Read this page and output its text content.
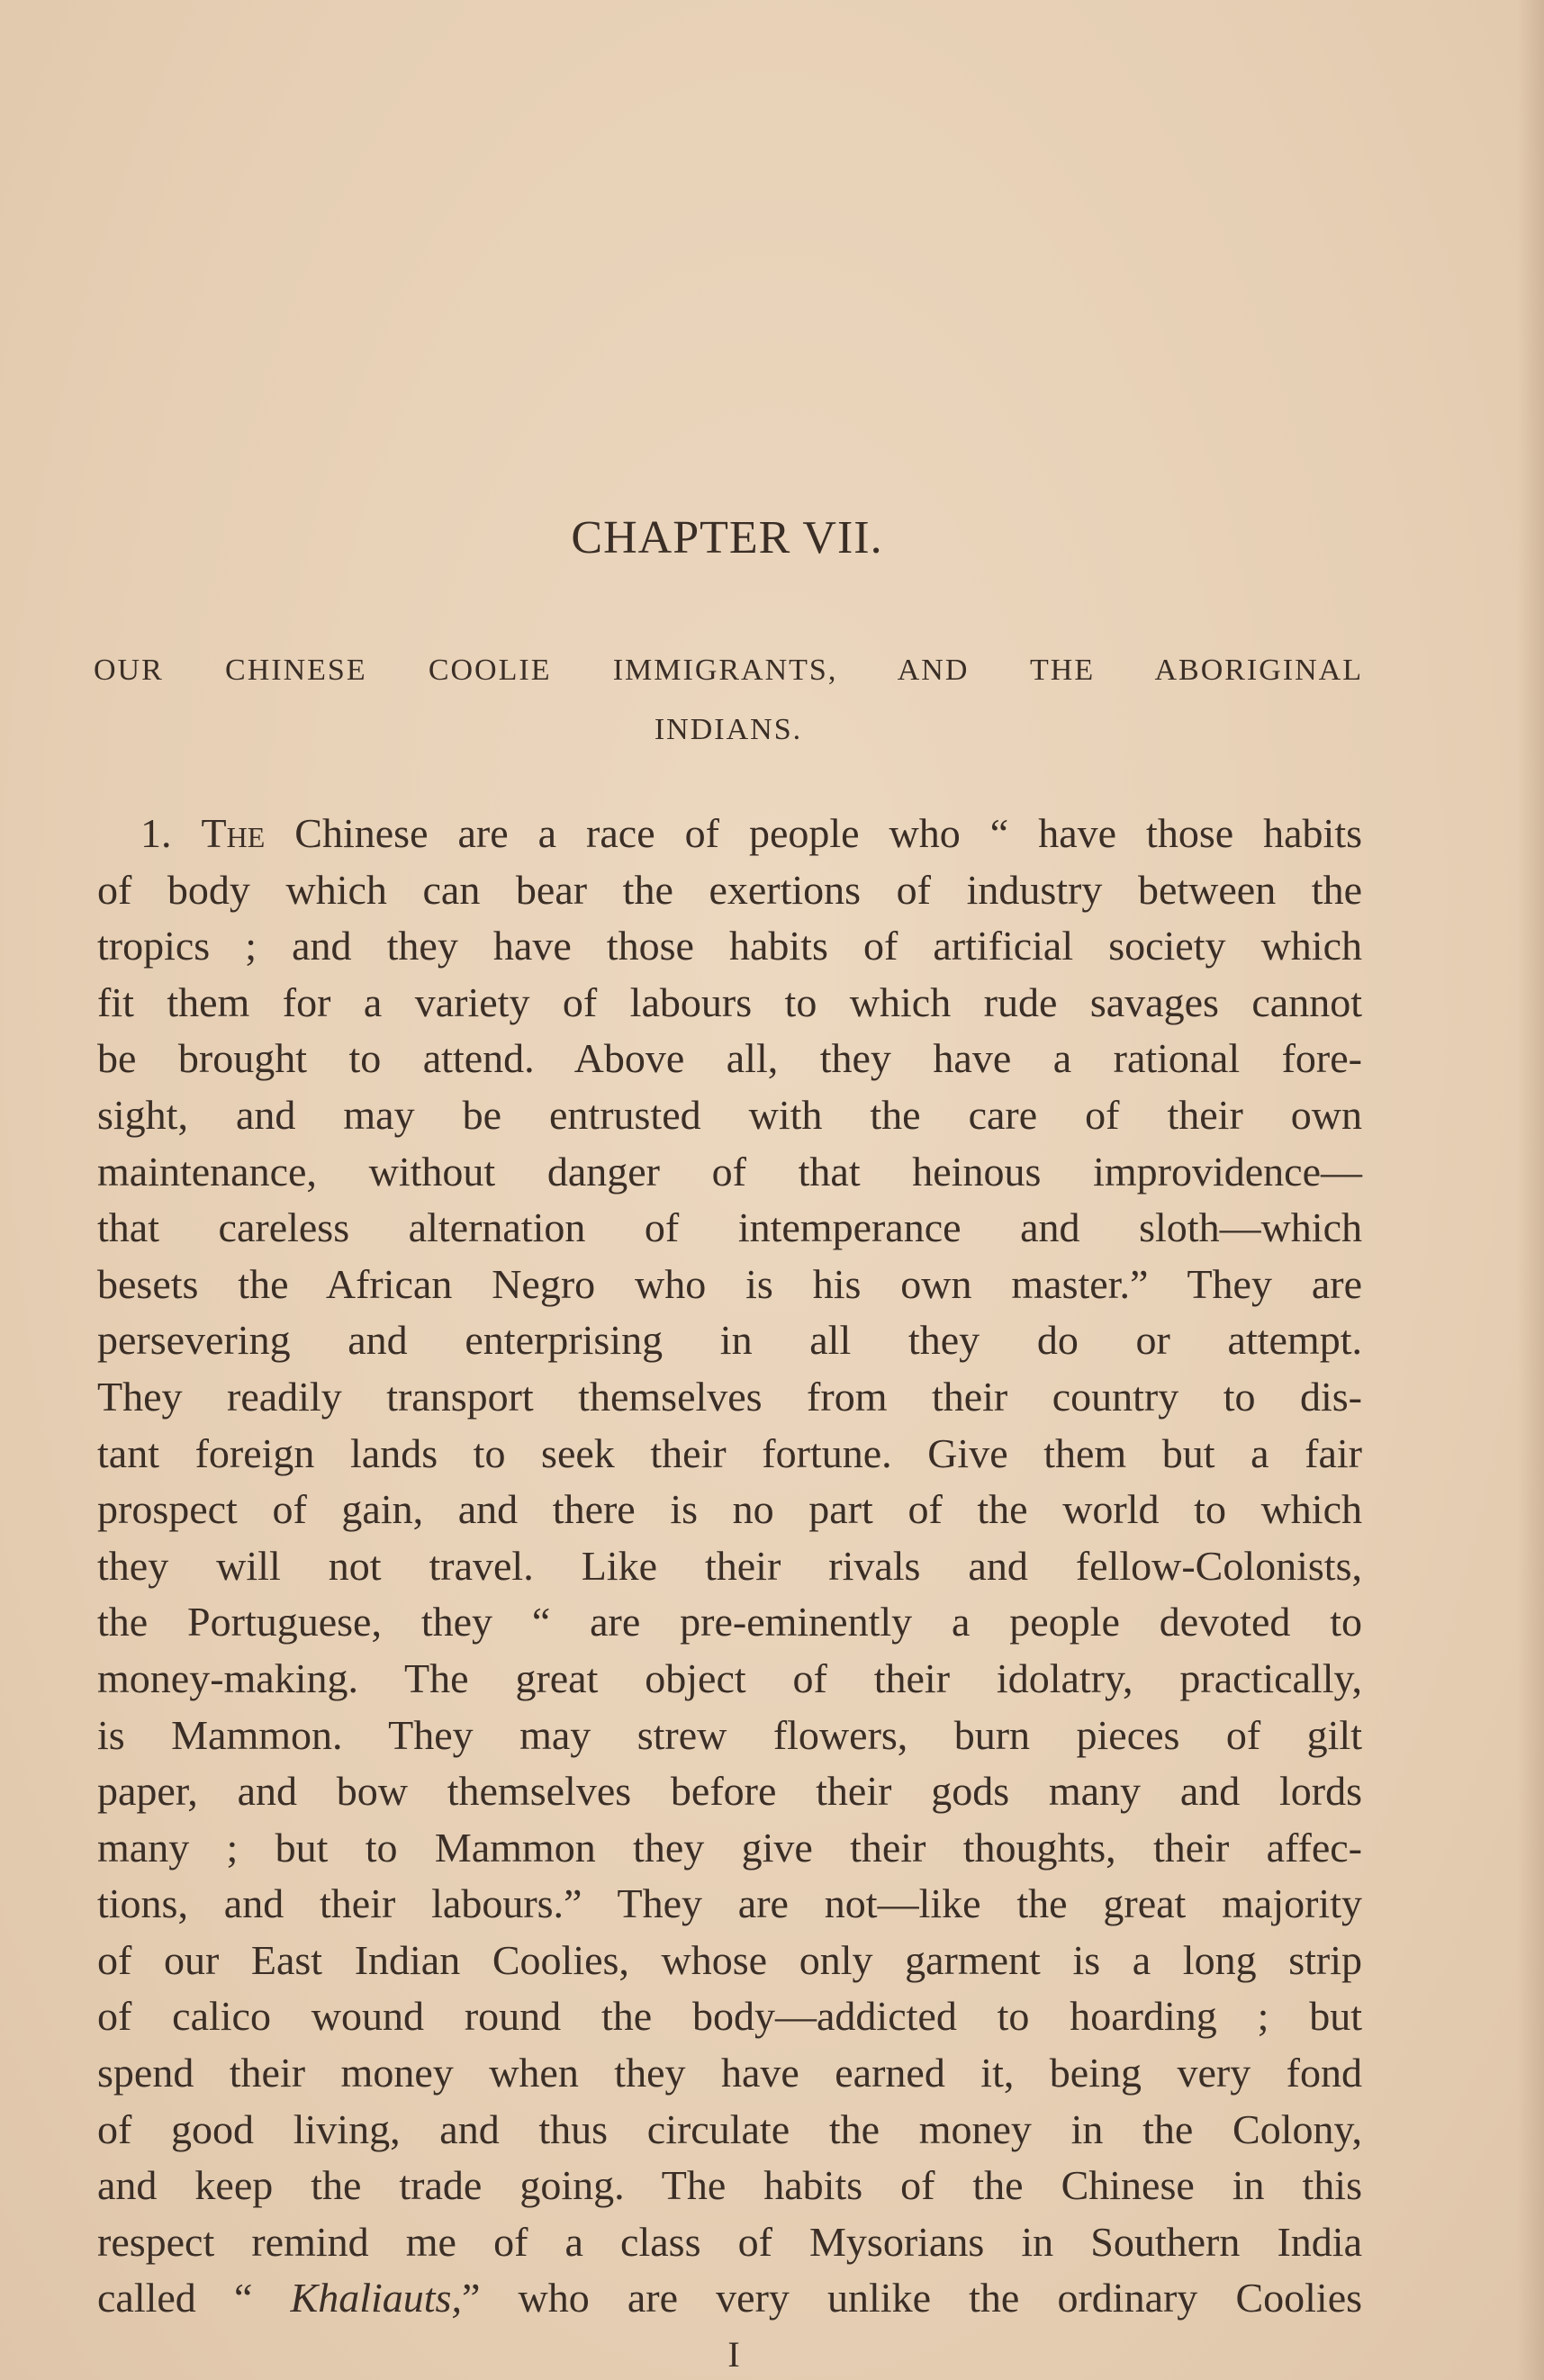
CHAPTER VII.
OUR CHINESE COOLIE IMMIGRANTS, AND THE ABORIGINAL
INDIANS.
1. The Chinese are a race of people who “ have those habits
of body which can bear the exertions of industry between the
tropics ; and they have those habits of artificial society which
fit them for a variety of labours to which rude savages cannot
be brought to attend. Above all, they have a rational fore-
sight, and may be entrusted with the care of their own
maintenance, without danger of that heinous improvidence—
that careless alternation of intemperance and sloth—which
besets the African Negro who is his own master.” They are
persevering and enterprising in all they do or attempt.
They readily transport themselves from their country to dis-
tant foreign lands to seek their fortune. Give them but a fair
prospect of gain, and there is no part of the world to which
they will not travel. Like their rivals and fellow-Colonists,
the Portuguese, they “ are pre-eminently a people devoted to
money-making. The great object of their idolatry, practically,
is Mammon. They may strew flowers, burn pieces of gilt
paper, and bow themselves before their gods many and lords
many ; but to Mammon they give their thoughts, their affec-
tions, and their labours.” They are not—like the great majority
of our East Indian Coolies, whose only garment is a long strip
of calico wound round the body—addicted to hoarding ; but
spend their money when they have earned it, being very fond
of good living, and thus circulate the money in the Colony,
and keep the trade going. The habits of the Chinese in this
respect remind me of a class of Mysorians in Southern India
called “ Khaliauts,” who are very unlike the ordinary Coolies
I
